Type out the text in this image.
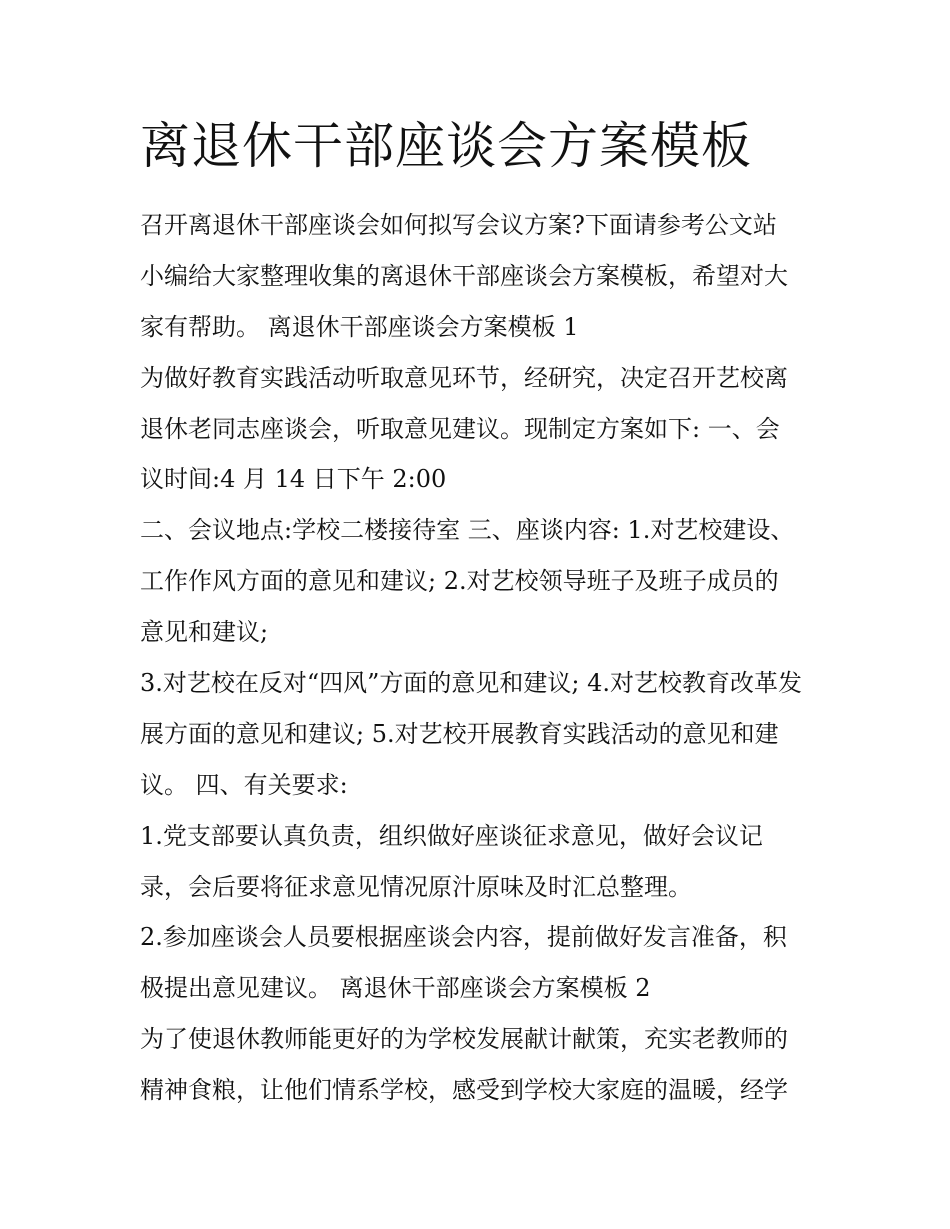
离退休干部座谈会方案模板

召开离退休干部座谈会如何拟写会议方案?下面请参考公文站
小编给大家整理收集的离退休干部座谈会方案模板，希望对大
家有帮助。 离退休干部座谈会方案模板 1

为做好教育实践活动听取意见环节，经研究，决定召开艺校离
退休老同志座谈会，听取意见建议。现制定方案如下: 一、会
议时间:4 月 14 日下午 2:00

二、会议地点:学校二楼接待室 三、座谈内容: 1.对艺校建设、
工作作风方面的意见和建议; 2.对艺校领导班子及班子成员的
意见和建议;

3.对艺校在反对“四风”方面的意见和建议; 4.对艺校教育改革发
展方面的意见和建议; 5.对艺校开展教育实践活动的意见和建
议。 四、有关要求:

1.党支部要认真负责，组织做好座谈征求意见，做好会议记
录，会后要将征求意见情况原汁原味及时汇总整理。

2.参加座谈会人员要根据座谈会内容，提前做好发言准备，积
极提出意见建议。 离退休干部座谈会方案模板 2

为了使退休教师能更好的为学校发展献计献策，充实老教师的
精神食粮，让他们情系学校，感受到学校大家庭的温暖，经学
